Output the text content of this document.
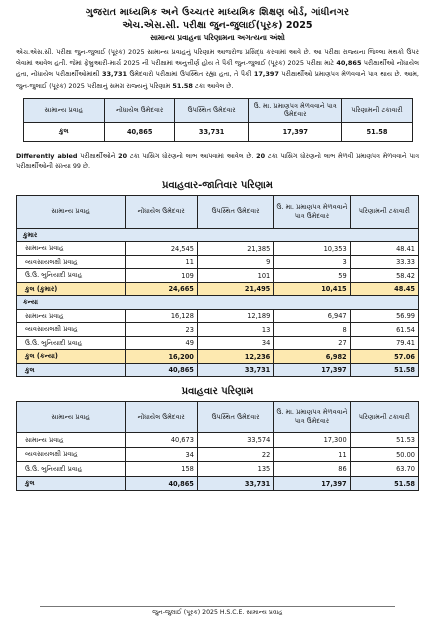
ગુજરાત માધ્યમિક અને ઉચ્ચતર માધ્યમિક શિક્ષણ બોર્ડ, ગાંધીનગર
એચ.એસ.સી. પરીક્ષા જુન-જુલાઈ(પૂરક) 2025
સામાન્ય પ્રવાહના પરિણામના અગત્યના અંશો

એચ.એસ.સી. પરીક્ષા જુન-જુલાઈ (પૂરક) 2025 સામાન્ય પ્રવાહનું પરિણામ આજરોજ પ્રસિદ્ધ કરવામાં આવે છે. આ પરીક્ષા રાજ્યના જિલ્લા મથકો ઉપર લેવામાં આવેલ હતી. જેમાં ફેબ્રુઆરી-માર્ચ 2025 ની પરીક્ષામાં અનુત્તીર્ણ હોય તે પૈકી જુન-જુલાઈ (પૂરક) 2025 પરીક્ષા માટે 40,865 પરીક્ષાર્થીઓ નોંધાયેલ હતા, નોંધાયેલ પરીક્ષાર્થીઓમાંથી 33,731 ઉમેદવારો પરીક્ષામાં ઉપસ્થિત રહ્યા હતા, તે પૈકી 17,397 પરીક્ષાર્થીઓ પ્રમાણપત્ર મેળવવાને પાત્ર થાય છે. આમ, જુન-જુલાઈ (પૂરક) 2025 પરીક્ષાનું સમગ્ર રાજ્યનું પરિણામ 51.58 ટકા આવેલ છે.

સામાન્ય પ્રવાહ	નોંધાયેલ ઉમેદવાર	ઉપસ્થિત ઉમેદવાર	ઉ. મા. પ્રમાણપત્ર મેળવવાને પાત્ર ઉમેદવાર	પરિણામની ટકાવારી
કુલ	40,865	33,731	17,397	51.58

Differently abled પરીક્ષાર્થીઓને 20 ટકા પાસિંગ ધોરણનો લાભ આપવામાં આવેલ છે. 20 ટકા પાસિંગ ધોરણનો લાભ મેળવી પ્રમાણપત્ર મેળવવાને પાત્ર પરીક્ષાર્થીઓની સંખ્યા 99 છે.

પ્રવાહવાર-જાતિવાર પરિણામ
સામાન્ય પ્રવાહ	નોંધાયેલ ઉમેદવાર	ઉપસ્થિત ઉમેદવાર	ઉ. મા. પ્રમાણપત્ર મેળવવાને પાત્ર ઉમેદવાર	પરિણામની ટકાવારી
કુમાર				
સામાન્ય પ્રવાહ	24,545	21,385	10,353	48.41
વ્યવસાયલક્ષી પ્રવાહ	11	9	3	33.33
ઉ.ઉ. બુનિયાદી પ્રવાહ	109	101	59	58.42
કુલ (કુમાર)	24,665	21,495	10,415	48.45
કન્યા				
સામાન્ય પ્રવાહ	16,128	12,189	6,947	56.99
વ્યવસાયલક્ષી પ્રવાહ	23	13	8	61.54
ઉ.ઉ. બુનિયાદી પ્રવાહ	49	34	27	79.41
કુલ (કન્યા)	16,200	12,236	6,982	57.06
કુલ	40,865	33,731	17,397	51.58
પ્રવાહવાર પરિણામ
સામાન્ય પ્રવાહ	નોંધાયેલ ઉમેદવાર	ઉપસ્થિત ઉમેદવાર	ઉ. મા. પ્રમાણપત્ર મેળવવાને પાત્ર ઉમેદવાર	પરિણામની ટકાવારી
સામાન્ય પ્રવાહ	40,673	33,574	17,300	51.53
વ્યવસાયલક્ષી પ્રવાહ	34	22	11	50.00
ઉ.ઉ. બુનિયાદી પ્રવાહ	158	135	86	63.70
કુલ	40,865	33,731	17,397	51.58
જુન-જુલાઈ (પૂરક) 2025 H.S.C.E. સામાન્ય પ્રવાહ
